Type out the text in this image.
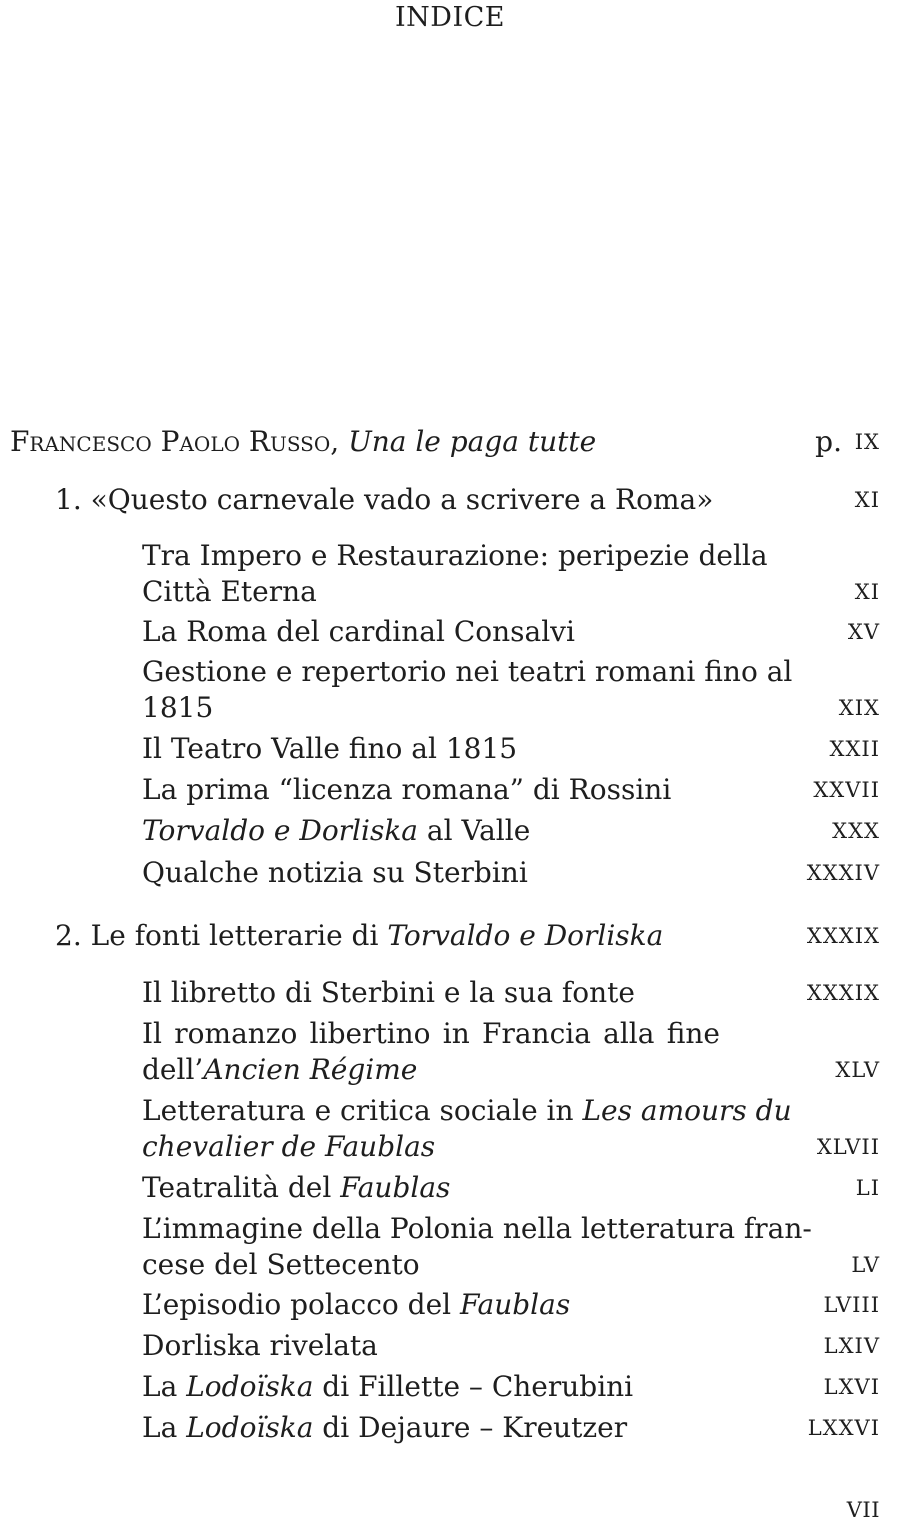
INDICE
Francesco Paolo Russo, Una le paga tutte	p. IX
1. «Questo carnevale vado a scrivere a Roma»	XI
Tra Impero e Restaurazione: peripezie della
Città Eterna	XI
La Roma del cardinal Consalvi	XV
Gestione e repertorio nei teatri romani fino al
1815	XIX
Il Teatro Valle fino al 1815	XXII
La prima “licenza romana” di Rossini	XXVII
Torvaldo e Dorliska al Valle	XXX
Qualche notizia su Sterbini	XXXIV
2. Le fonti letterarie di Torvaldo e Dorliska	XXXIX
Il libretto di Sterbini e la sua fonte	XXXIX
Il romanzo libertino in Francia alla fine
dell’Ancien Régime	XLV
Letteratura e critica sociale in Les amours du
chevalier de Faublas	XLVII
Teatralità del Faublas	LI
L’immagine della Polonia nella letteratura fran-
cese del Settecento	LV
L’episodio polacco del Faublas	LVIII
Dorliska rivelata	LXIV
La Lodoïska di Fillette – Cherubini	LXVI
La Lodoïska di Dejaure – Kreutzer	LXXVI
VII
